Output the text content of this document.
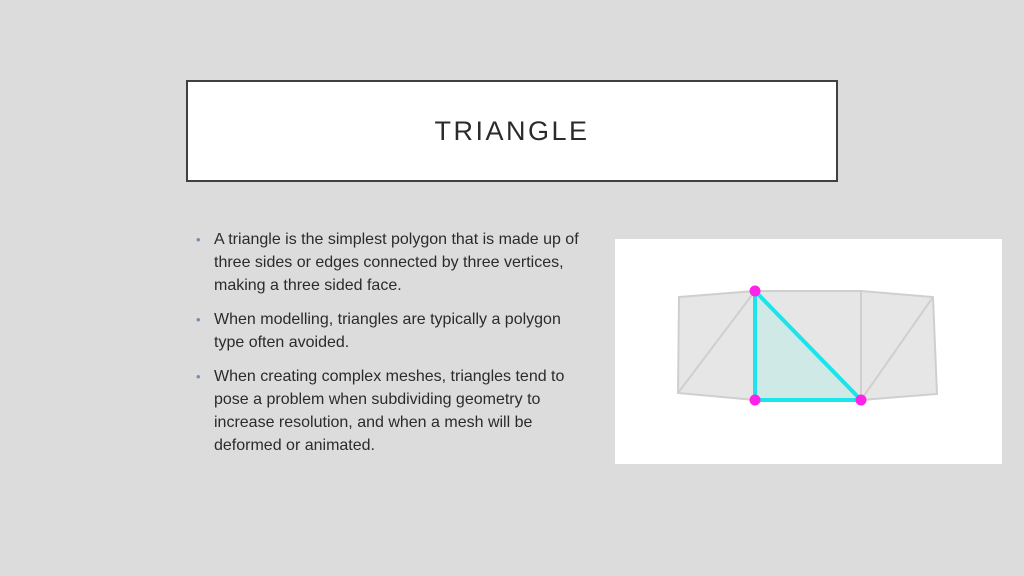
TRIANGLE
• A triangle is the simplest polygon that is made up of three sides or edges connected by three vertices, making a three sided face.
• When modelling, triangles are typically a polygon type often avoided.
• When creating complex meshes, triangles tend to pose a problem when subdividing geometry to increase resolution, and when a mesh will be deformed or animated.
